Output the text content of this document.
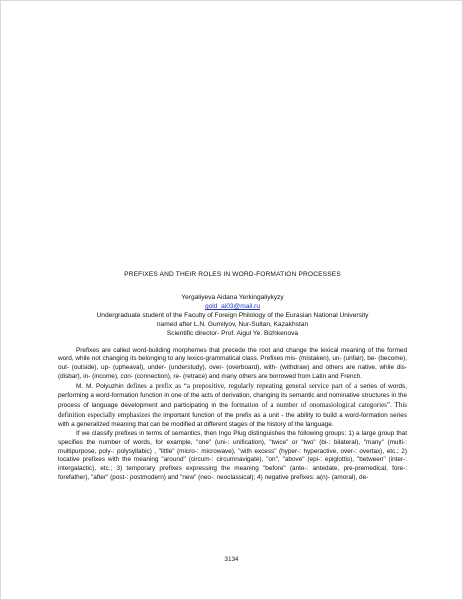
PREFIXES AND THEIR ROLES IN WORD-FORMATION PROCESSES
Yergaliyeva Aidana Yerkingaliykyzy
gold_ai03@mail.ru
Undergraduate student of the Faculty of Foreign Philology of the Eurasian National University
named after L.N. Gumilyov, Nur-Sultan, Kazakhstan
Scientific director- Prof. Aigul Ye. Bizhkenova

Prefixes are called word-building morphemes that precede the root and change the lexical meaning of the formed word, while not changing its belonging to any lexico-grammatical class. Prefixes mis- (mistaken), un- (unfair), be- (become), out- (outside), up- (upheaval), under- (understudy), over- (overboard), with- (withdraw) and others are native, while dis- (disbar), in- (income), con- (connection), re- (retrace) and many others are borrowed from Latin and French.

M. M. Polyuzhin defines a prefix as “a prepositive, regularly repeating general service part of a series of words, performing a word-formation function in one of the acts of derivation, changing its semantic and nominative structures in the process of language development and participating in the formation of a number of onomasiological categories”. This definition especially emphasizes the important function of the prefix as a unit - the ability to build a word-formation series with a generalized meaning that can be modified at different stages of the history of the language.

If we classify prefixes in terms of semantics, then Ingo Plug distinguishes the following groups: 1) a large group that specifies the number of words, for example, "one" (uni-: unification), "twice" or "two" (bi-: bilateral), "many" (multi-: multipurpose, poly-: polysyllabic) , "little" (micro-: microwave), "with excess" (hyper-: hyperactive, over-: overtax), etc.; 2) locative prefixes with the meaning "around" (circum-: circumnavigate), "on", "above" (epi-: epiglottis), "between" (inter-: intergalactic), etc.; 3) temporary prefixes expressing the meaning "before" (ante-: antedate, pre-premedical, fore-: forefather), "after" (post-: postmodern) and "new" (neo-: neoclassical); 4) negative prefixes: a(n)- (amoral), de-

3134
